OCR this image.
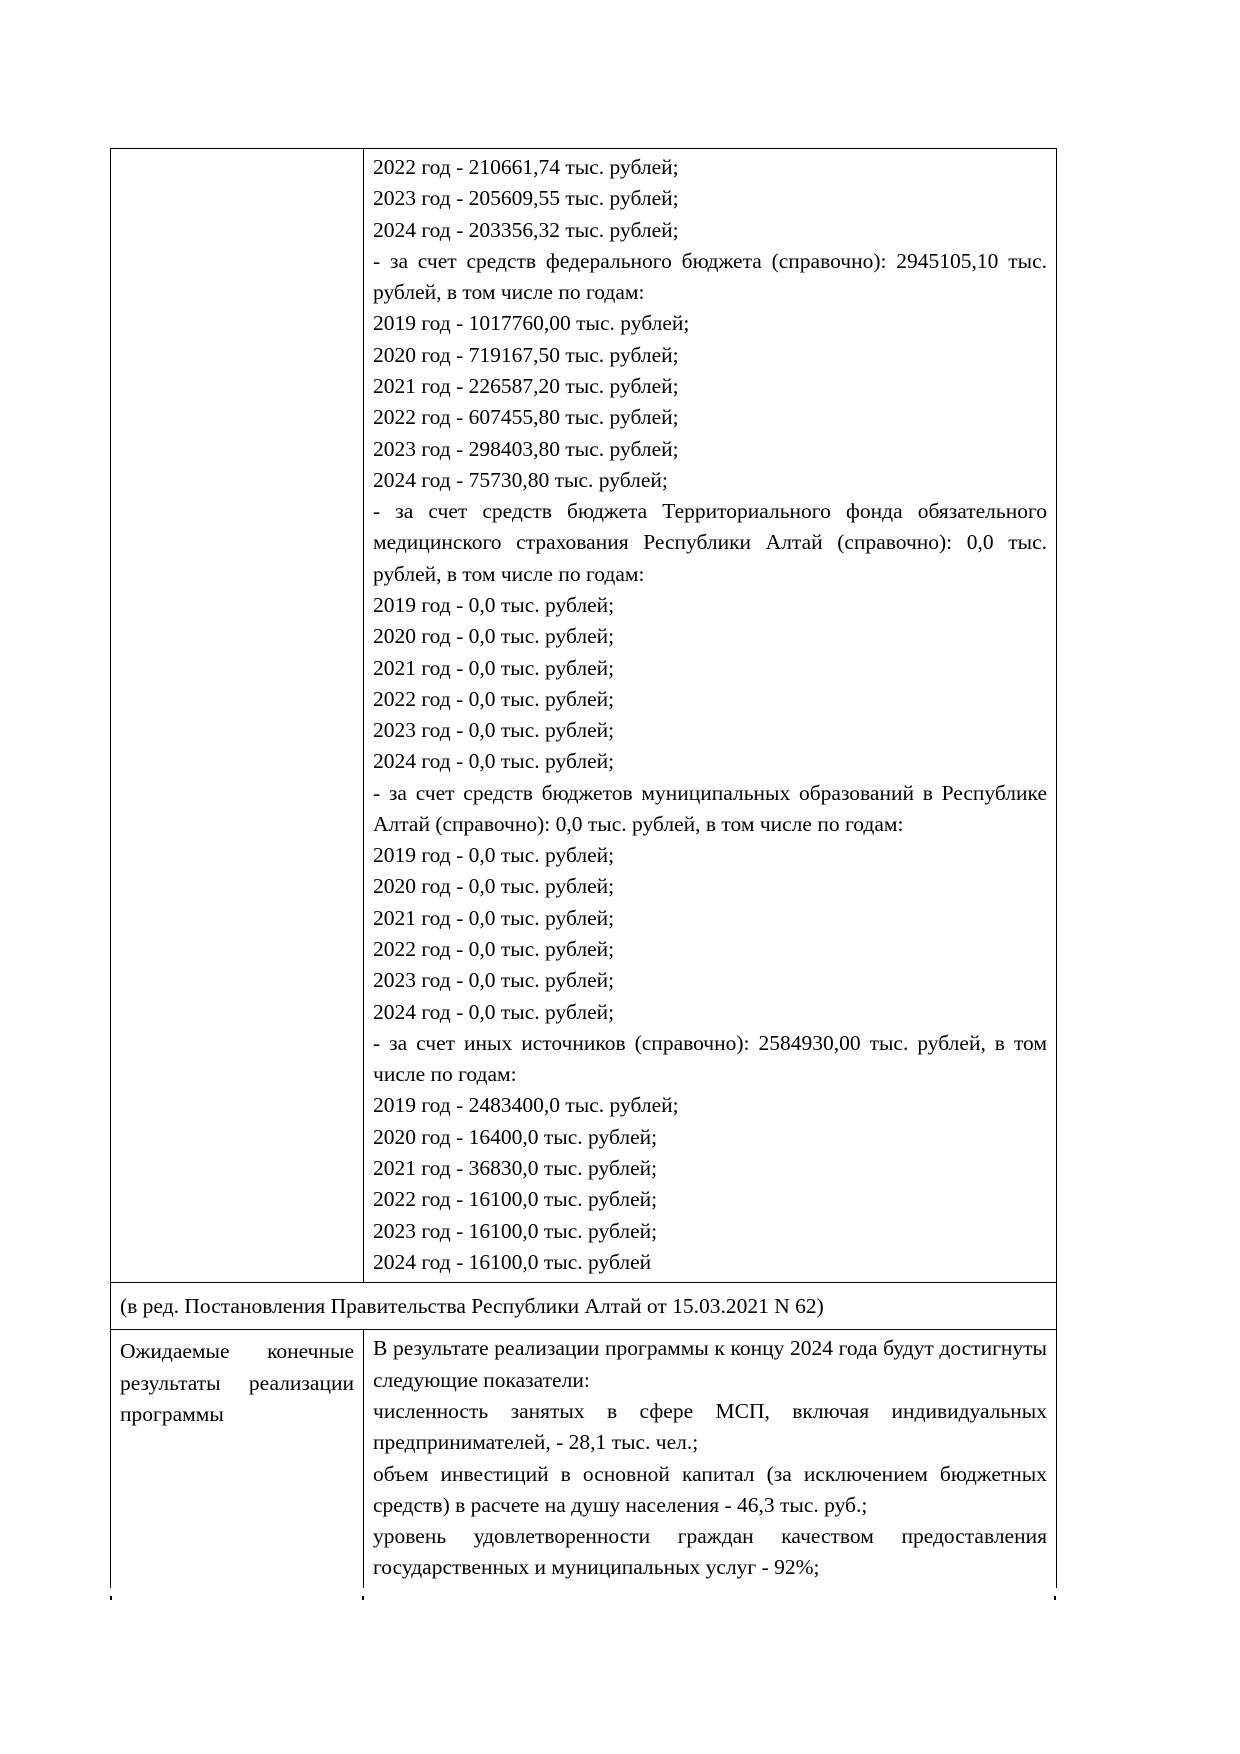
2022 год - 210661,74 тыс. рублей;

2023 год - 205609,55 тыс. рублей;

2024 год - 203356,32 тыс. рублей;

- за счет средств федерального бюджета (справочно): 2945105,10 тыс. рублей, в том числе по годам:

2019 год - 1017760,00 тыс. рублей;

2020 год - 719167,50 тыс. рублей;

2021 год - 226587,20 тыс. рублей;

2022 год - 607455,80 тыс. рублей;

2023 год - 298403,80 тыс. рублей;

2024 год - 75730,80 тыс. рублей;

- за счет средств бюджета Территориального фонда обязательного медицинского страхования Республики Алтай (справочно): 0,0 тыс. рублей, в том числе по годам:

2019 год - 0,0 тыс. рублей;

2020 год - 0,0 тыс. рублей;

2021 год - 0,0 тыс. рублей;

2022 год - 0,0 тыс. рублей;

2023 год - 0,0 тыс. рублей;

2024 год - 0,0 тыс. рублей;

- за счет средств бюджетов муниципальных образований в Республике Алтай (справочно): 0,0 тыс. рублей, в том числе по годам:

2019 год - 0,0 тыс. рублей;

2020 год - 0,0 тыс. рублей;

2021 год - 0,0 тыс. рублей;

2022 год - 0,0 тыс. рублей;

2023 год - 0,0 тыс. рублей;

2024 год - 0,0 тыс. рублей;

- за счет иных источников (справочно): 2584930,00 тыс. рублей, в том числе по годам:

2019 год - 2483400,0 тыс. рублей;

2020 год - 16400,0 тыс. рублей;

2021 год - 36830,0 тыс. рублей;

2022 год - 16100,0 тыс. рублей;

2023 год - 16100,0 тыс. рублей;

2024 год - 16100,0 тыс. рублей

(в ред. Постановления Правительства Республики Алтай от 15.03.2021 N 62)	

Ожидаемые конечные результаты реализации программы	В результате реализации программы к концу 2024 года будут достигнуты следующие показатели:

численность занятых в сфере МСП, включая индивидуальных предпринимателей, - 28,1 тыс. чел.;

объем инвестиций в основной капитал (за исключением бюджетных средств) в расчете на душу населения - 46,3 тыс. руб.;

уровень удовлетворенности граждан качеством предоставления государственных и муниципальных услуг - 92%;
